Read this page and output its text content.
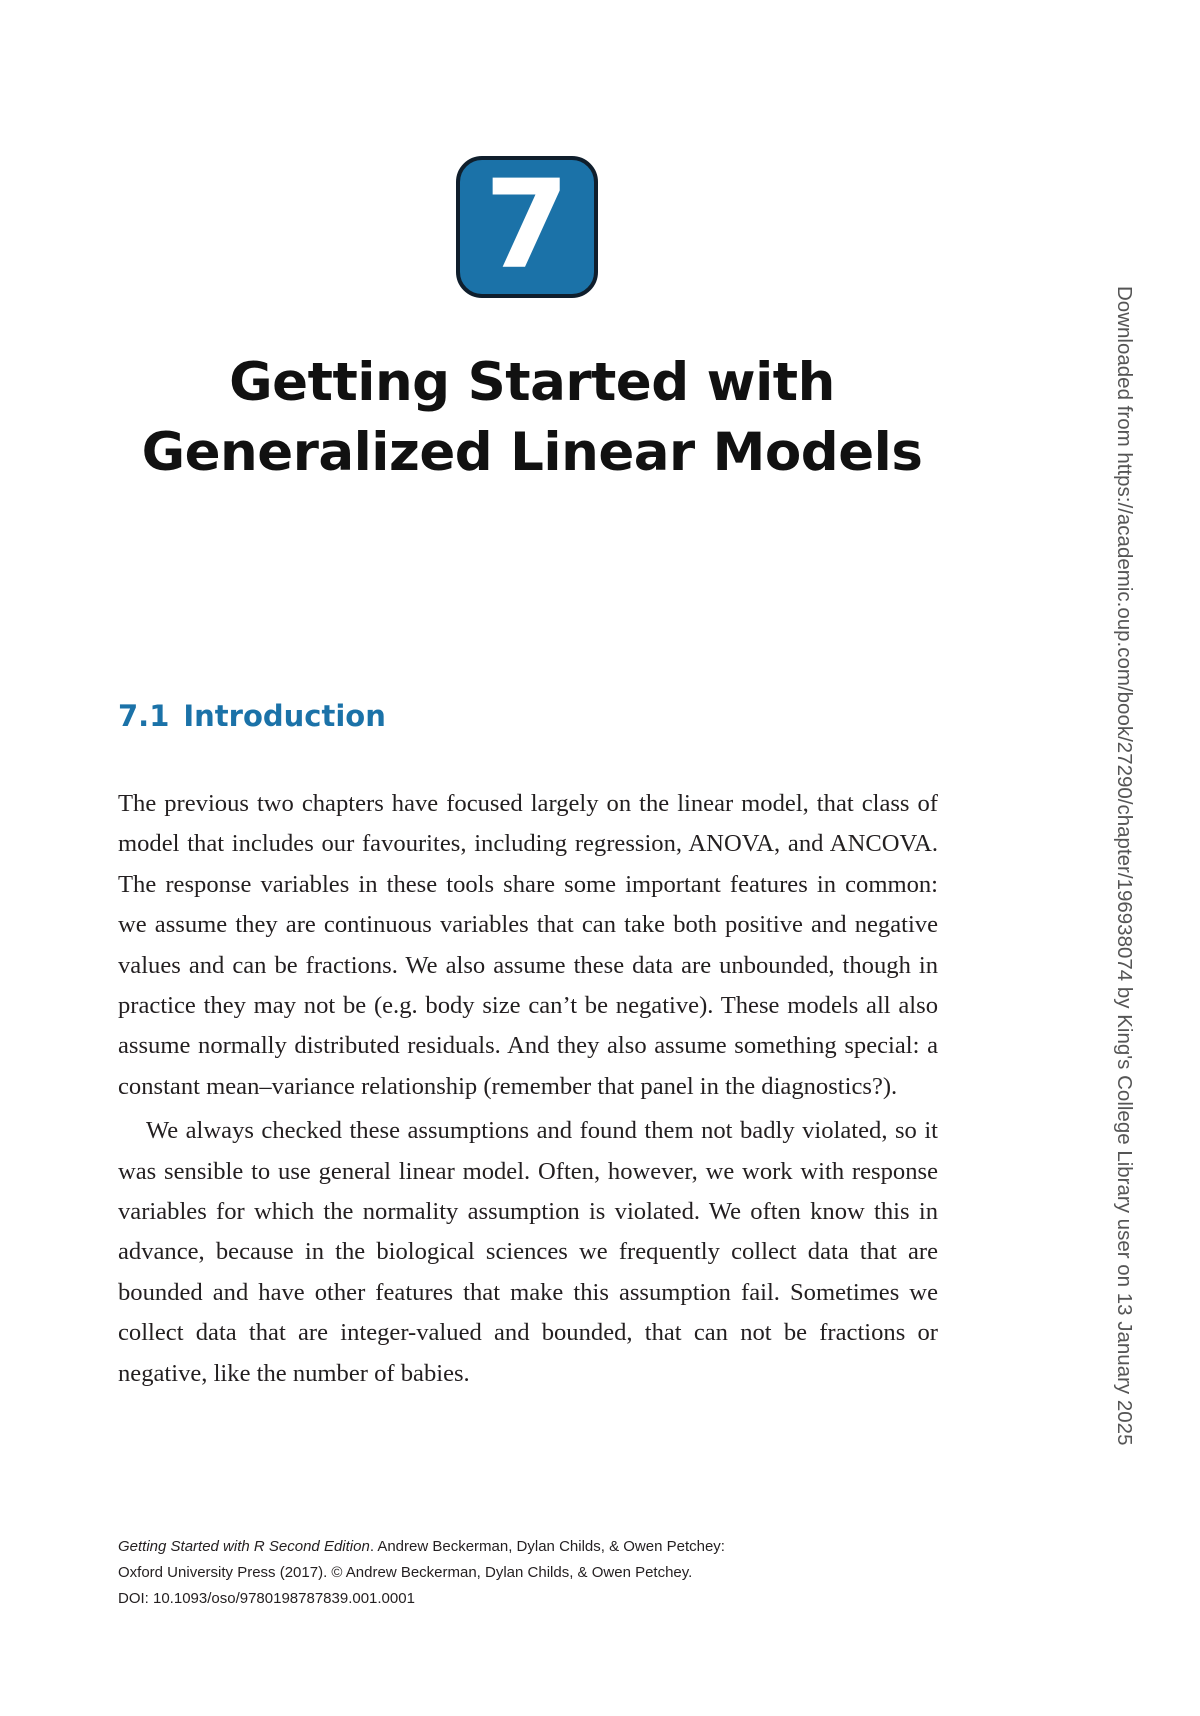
7
Getting Started with
Generalized Linear Models
7.1 Introduction

The previous two chapters have focused largely on the linear model, that class of model that includes our favourites, including regression, ANOVA, and ANCOVA. The response variables in these tools share some important features in common: we assume they are continuous variables that can take both positive and negative values and can be fractions. We also assume these data are unbounded, though in practice they may not be (e.g. body size can’t be negative). These models all also assume normally distributed residuals. And they also assume something special: a constant mean–variance relationship (remember that panel in the diagnostics?).

We always checked these assumptions and found them not badly violated, so it was sensible to use general linear model. Often, however, we work with response variables for which the normality assumption is violated. We often know this in advance, because in the biological sciences we frequently collect data that are bounded and have other features that make this assumption fail. Sometimes we collect data that are integer-valued and bounded, that can not be fractions or negative, like the number of babies.

Getting Started with R Second Edition. Andrew Beckerman, Dylan Childs, & Owen Petchey:
Oxford University Press (2017). © Andrew Beckerman, Dylan Childs, & Owen Petchey.
DOI: 10.1093/oso/9780198787839.001.0001
Downloaded from https://academic.oup.com/book/27290/chapter/196938074 by King's College Library user on 13 January 2025
